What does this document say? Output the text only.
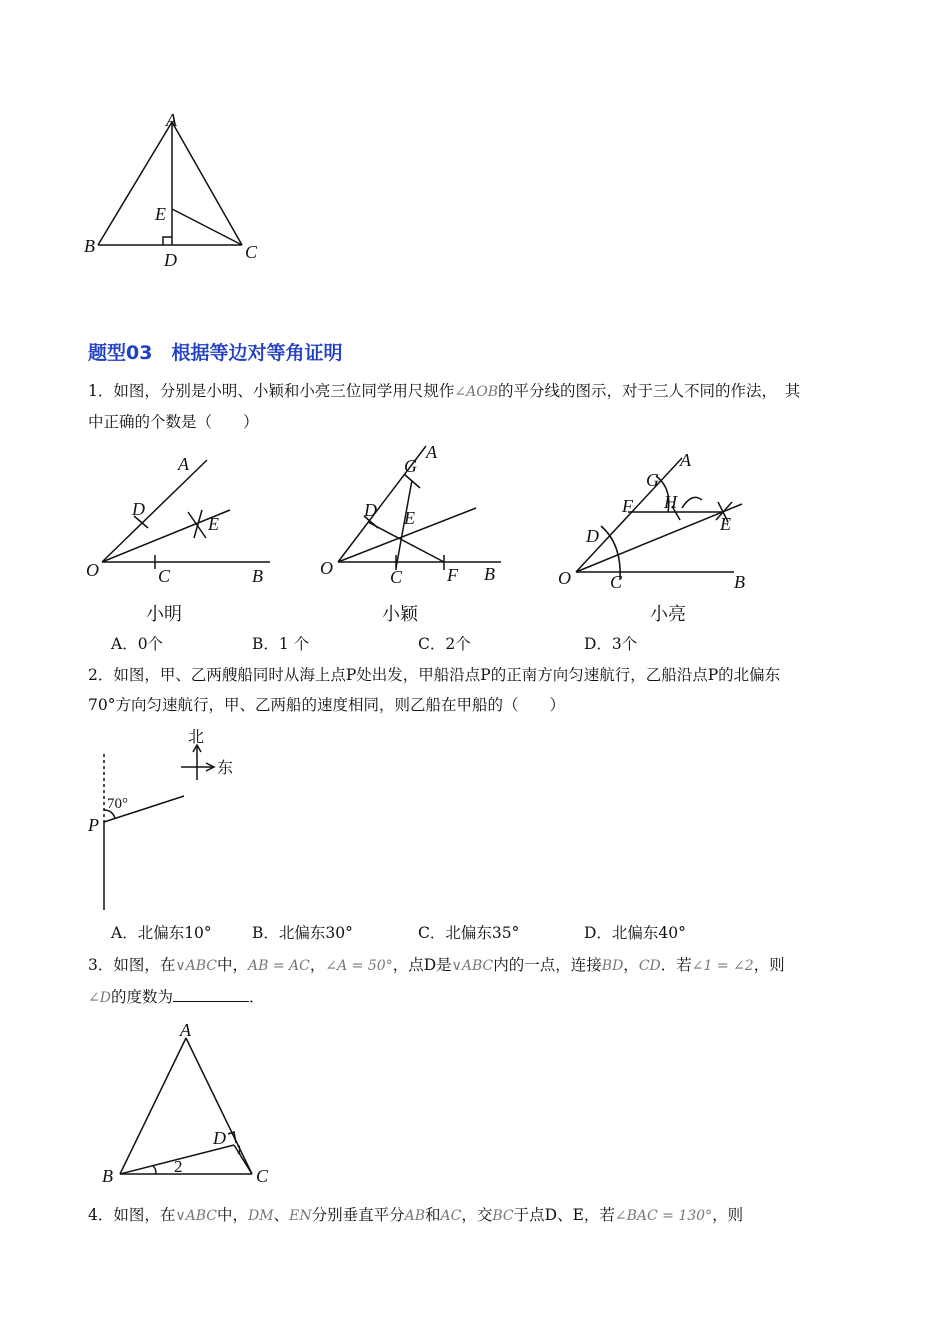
A
B	C
D
E
题型03　根据等边对等角证明
1．如图，分别是小明、小颖和小亮三位同学用尺规作∠AOB的平分线的图示，对于三人不同的作法，　其
中正确的个数是（　　）
A
D
E
O	C	B
A
G
D E
O	C F B
G
A
F H
E
D
O C	B
小明	小颖	小亮
A．0个	B．1 个	C．2个	D．3个
2．如图，甲、乙两艘船同时从海上点P处出发，甲船沿点P的正南方向匀速航行，乙船沿点P的北偏东
70°方向匀速航行，甲、乙两船的速度相同，则乙船在甲船的（　　）
北
东
70°
P
A．北偏东10°	B．北偏东30°	C．北偏东35°	D．北偏东40°
3．如图，在∨ABC中，AB = AC，∠A = 50°，点D是∨ABC内的一点，连接BD，CD．若∠1 = ∠2，则
∠D的度数为	．
A
B	C
D
1
2
4．如图，在∨ABC中，DM、EN分别垂直平分AB和AC，交BC于点D、E，若∠BAC = 130°，则
